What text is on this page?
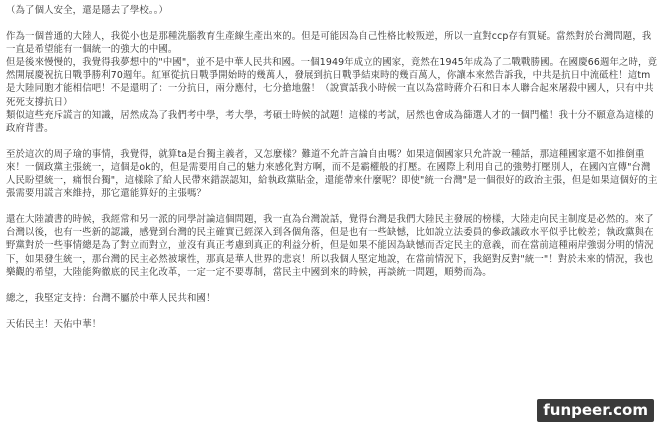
（為了個人安全，還是隱去了學校。。）

作為一個普通的大陸人，我從小也是那種洗腦教育生產線生產出來的。但是可能因為自己性格比較叛逆，所以一直對ccp存有質疑。當然對於台灣問題，我一直是希望能有一個統一的強大的中國。
但是後來慢慢的，我覺得我夢想中的"中國"，並不是中華人民共和國。一個1949年成立的國家，竟然在1945年成為了二戰戰勝國。在國慶66週年之時，竟然開展慶祝抗日戰爭勝利70週年。紅軍從抗日戰爭開始時的幾萬人，發展到抗日戰爭結束時的幾百萬人，你讓本來然告訴我，中共是抗日中流砥柱！這tm是大陸同胞才能相信吧！不是還明了：一分抗日，兩分應付，七分搶地盤！（說實話我小時候一直以為當時蔣介石和日本人聯合起來屠殺中國人，只有中共死死支撐抗日）
類似這些充斥謊言的知識，居然成為了我們考中學，考大學，考碩士時候的試題！這樣的考試，居然也會成為篩選人才的一個門檻！我十分不願意為這樣的政府背書。

至於這次的周子瑜的事情，我覺得，就算ta是台獨主義者，又怎麼樣？難道不允許言論自由嗎？如果這個國家只允許說一種話，那這種國家還不如推倒重來！一個政黨主張統一，這個是ok的，但是需要用自己的魅力來感化對方啊，而不是霸權般的打壓。在國際上利用自己的強勢打壓別人，在國內宣傳"台灣人民盼望統一，痛恨台獨"，這樣除了給人民帶來錯誤認知，給執政黨貼金，還能帶來什麼呢？即使"統一台灣"是一個很好的政治主張，但是如果這個好的主張需要用謊言來維持，那它還能算好的主張嗎？

還在大陸讀書的時候，我經常和另一派的同學討論這個問題，我一直為台灣說話，覺得台灣是我們大陸民主發展的榜樣，大陸走向民主制度是必然的。來了台灣以後，也有一些新的認識，感覺到台灣的民主確實已經深入到各個角落，但是也有一些缺憾，比如說立法委員的參政議政水平似乎比較差；執政黨與在野黨對於一些事情總是為了對立而對立，並沒有真正考慮到真正的利益分析，但是如果不能因為缺憾而否定民主的意義，而在當前這種兩岸強弱分明的情況下，如果發生統一，那台灣的民主必然被壞性，那真是華人世界的悲哀！所以我個人堅定地說，在當前情況下，我絕對反對"統一"！對於未來的情況，我也樂觀的希望，大陸能夠徹底的民主化改革，一定一定不要專制，當民主中國到來的時候，再談統一問題，順勢而為。

總之，我堅定支持：台灣不屬於中華人民共和國！

天佑民主！天佑中華！

funpeer.com
